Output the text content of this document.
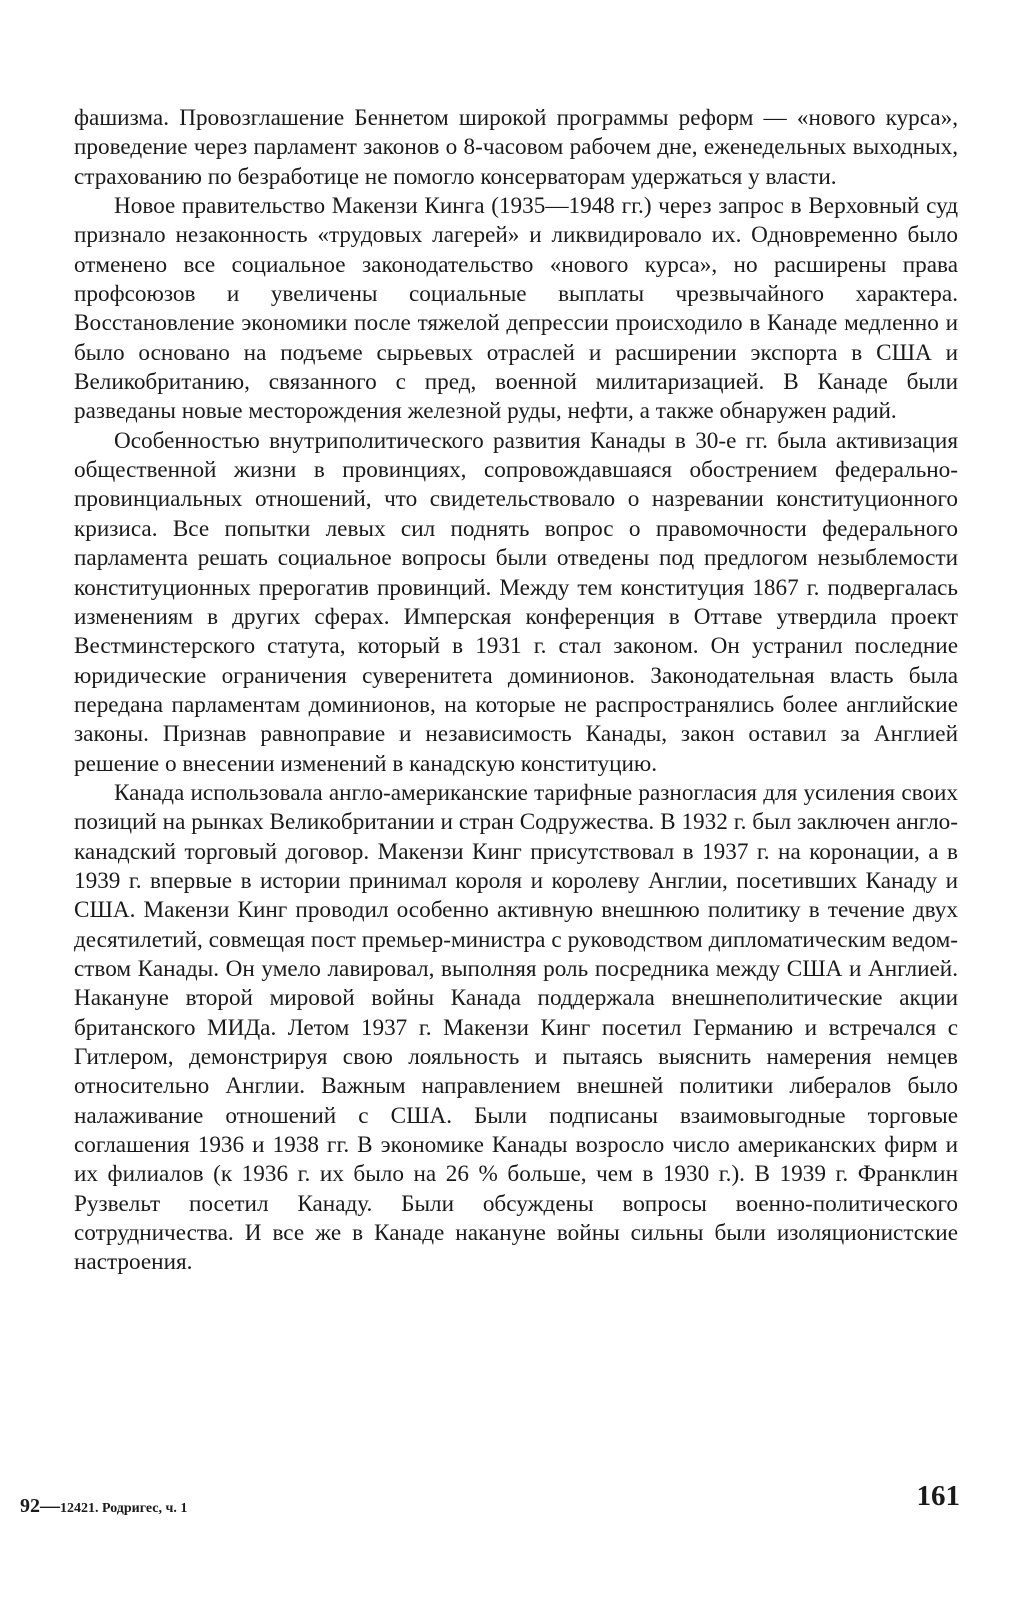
фашизма. Провозглашение Беннетом широкой программы реформ — «нового курса», проведение через парламент законов о 8-часовом рабочем дне, еженедельных выходных, страхованию по безработице не помогло консерваторам удержаться у власти.

Новое правительство Макензи Кинга (1935—1948 гг.) через запрос в Верховный суд признало незаконность «трудовых лагерей» и ликвидировало их. Одновременно было отменено все социальное законодательство «нового курса», но расширены права профсоюзов и увеличены социальные выплаты чрезвычайного характера. Восстановление экономики после тяжелой депрессии происходило в Канаде медленно и было основано на подъеме сырьевых отраслей и расширении экспорта в США и Великобританию, связанного с пред, военной милитаризацией. В Канаде были разведаны новые месторождения железной руды, нефти, а также обнаружен радий.

Особенностью внутриполитического развития Канады в 30-е гг. была активизация общественной жизни в провинциях, сопровождавшаяся обострением федерально-провинциальных отношений, что свидетельствовало о назревании конституционного кризиса. Все попытки левых сил поднять вопрос о правомочности федерального парламента решать социальное вопросы были отведены под предлогом незыблемости конституционных прерогатив провинций. Между тем конституция 1867 г. подвергалась изменениям в других сферах. Имперская конференция в Оттаве утвердила проект Вестминстерского статута, который в 1931 г. стал законом. Он устранил последние юридические ограничения суверенитета доминионов. Законодательная власть была передана парламентам доминионов, на которые не распространялись более английские законы. Признав равноправие и независимость Канады, закон оставил за Англией решение о внесении изменений в канадскую конституцию.

Канада использовала англо-американские тарифные разногласия для усиления своих позиций на рынках Великобритании и стран Содружества. В 1932 г. был заключен англо-канадский торговый договор. Макензи Кинг присутствовал в 1937 г. на коронации, а в 1939 г. впервые в истории принимал короля и королеву Англии, посетивших Канаду и США. Макензи Кинг проводил особенно активную внешнюю политику в течение двух десятилетий, совмещая пост премьер-министра с руководством дипломатическим ведомством Канады. Он умело лавировал, выполняя роль посредника между США и Англией. Накануне второй мировой войны Канада поддержала внешнеполитические акции британского МИДа. Летом 1937 г. Макензи Кинг посетил Германию и встречался с Гитлером, демонстрируя свою лояльность и пытаясь выяснить намерения немцев относительно Англии. Важным направлением внешней политики либералов было налаживание отношений с США. Были подписаны взаимовыгодные торговые соглашения 1936 и 1938 гг. В экономике Канады возросло число американских фирм и их филиалов (к 1936 г. их было на 26 % больше, чем в 1930 г.). В 1939 г. Франклин Рузвельт посетил Канаду. Были обсуждены вопросы военно-политического сотрудничества. И все же в Канаде накануне войны сильны были изоляционистские настроения.

92—12421. Родригес, ч. 1	161
